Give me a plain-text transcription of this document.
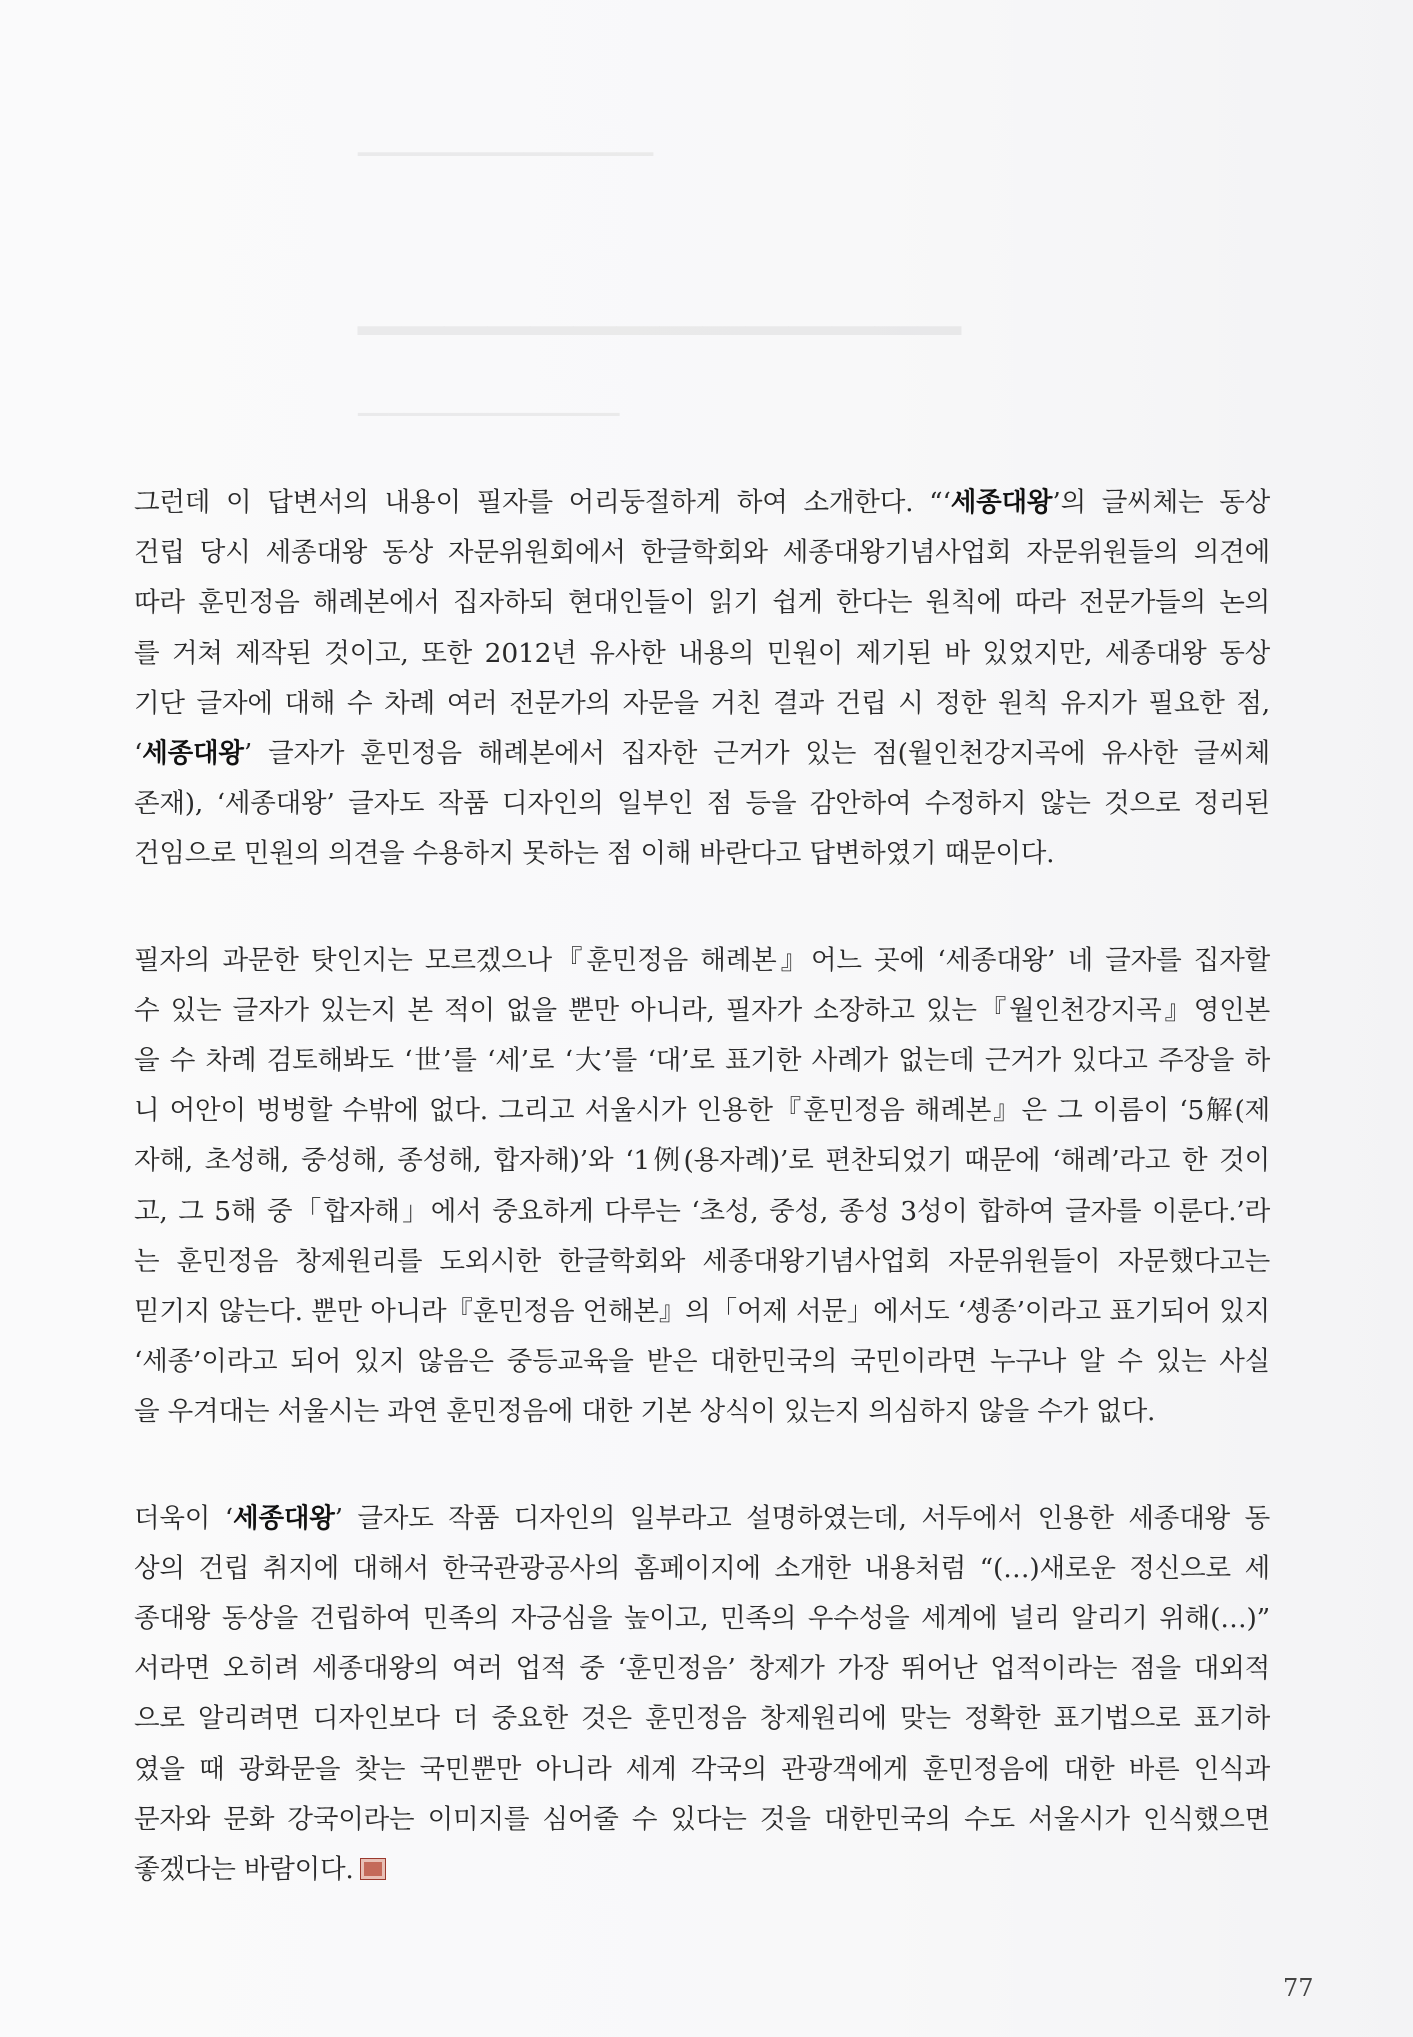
▁▁▁▁▁▁▁▁▁▁▁▁▁▁▁▁
▁▁▁▁▁▁▁▁▁▁▁▁▁▁
▁▁▁▁▁▁▁▁▁▁▁▁▁▁▁▁▁

그런데 이 답변서의 내용이 필자를 어리둥절하게 하여 소개한다. “‘세종대왕’의 글씨체는 동상
건립 당시 세종대왕 동상 자문위원회에서 한글학회와 세종대왕기념사업회 자문위원들의 의견에
따라 훈민정음 해례본에서 집자하되 현대인들이 읽기 쉽게 한다는 원칙에 따라 전문가들의 논의
를 거쳐 제작된 것이고, 또한 2012년 유사한 내용의 민원이 제기된 바 있었지만, 세종대왕 동상
기단 글자에 대해 수 차례 여러 전문가의 자문을 거친 결과 건립 시 정한 원칙 유지가 필요한 점,
‘세종대왕’ 글자가 훈민정음 해례본에서 집자한 근거가 있는 점(월인천강지곡에 유사한 글씨체
존재), ‘세종대왕’ 글자도 작품 디자인의 일부인 점 등을 감안하여 수정하지 않는 것으로 정리된
건임으로 민원의 의견을 수용하지 못하는 점 이해 바란다고 답변하였기 때문이다.

필자의 과문한 탓인지는 모르겠으나『훈민정음 해례본』어느 곳에 ‘세종대왕’ 네 글자를 집자할
수 있는 글자가 있는지 본 적이 없을 뿐만 아니라, 필자가 소장하고 있는『월인천강지곡』영인본
을 수 차례 검토해봐도 ‘世’를 ‘세’로 ‘大’를 ‘대’로 표기한 사례가 없는데 근거가 있다고 주장을 하
니 어안이 벙벙할 수밖에 없다. 그리고 서울시가 인용한『훈민정음 해례본』은 그 이름이 ‘5解(제
자해, 초성해, 중성해, 종성해, 합자해)’와 ‘1例(용자례)’로 편찬되었기 때문에 ‘해례’라고 한 것이
고, 그 5해 중「합자해」에서 중요하게 다루는 ‘초성, 중성, 종성 3성이 합하여 글자를 이룬다.’라
는 훈민정음 창제원리를 도외시한 한글학회와 세종대왕기념사업회 자문위원들이 자문했다고는
믿기지 않는다. 뿐만 아니라『훈민정음 언해본』의「어제 서문」에서도 ‘솅종’이라고 표기되어 있지
‘세종’이라고 되어 있지 않음은 중등교육을 받은 대한민국의 국민이라면 누구나 알 수 있는 사실
을 우겨대는 서울시는 과연 훈민정음에 대한 기본 상식이 있는지 의심하지 않을 수가 없다.

더욱이 ‘세종대왕’ 글자도 작품 디자인의 일부라고 설명하였는데, 서두에서 인용한 세종대왕 동
상의 건립 취지에 대해서 한국관광공사의 홈페이지에 소개한 내용처럼 “(…)새로운 정신으로 세
종대왕 동상을 건립하여 민족의 자긍심을 높이고, 민족의 우수성을 세계에 널리 알리기 위해(…)”
서라면 오히려 세종대왕의 여러 업적 중 ‘훈민정음’ 창제가 가장 뛰어난 업적이라는 점을 대외적
으로 알리려면 디자인보다 더 중요한 것은 훈민정음 창제원리에 맞는 정확한 표기법으로 표기하
였을 때 광화문을 찾는 국민뿐만 아니라 세계 각국의 관광객에게 훈민정음에 대한 바른 인식과
문자와 문화 강국이라는 이미지를 심어줄 수 있다는 것을 대한민국의 수도 서울시가 인식했으면
좋겠다는 바람이다.

77
